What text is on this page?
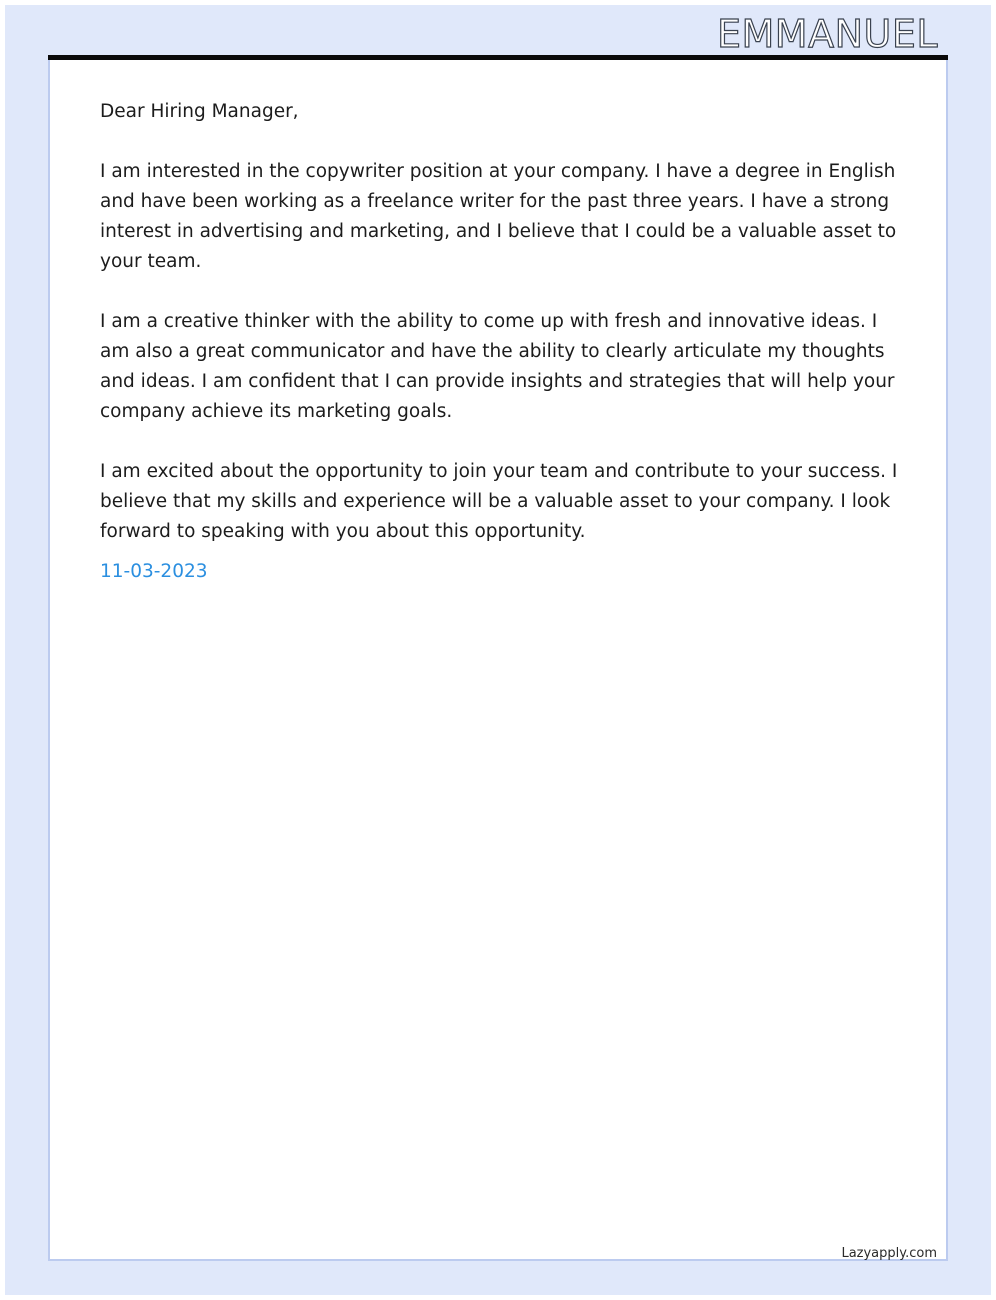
EMMANUEL

Dear Hiring Manager,

I am interested in the copywriter position at your company. I have a degree in English and have been working as a freelance writer for the past three years. I have a strong interest in advertising and marketing, and I believe that I could be a valuable asset to your team.

I am a creative thinker with the ability to come up with fresh and innovative ideas. I am also a great communicator and have the ability to clearly articulate my thoughts and ideas. I am confident that I can provide insights and strategies that will help your company achieve its marketing goals.

I am excited about the opportunity to join your team and contribute to your success. I believe that my skills and experience will be a valuable asset to your company. I look forward to speaking with you about this opportunity.

11-03-2023
Lazyapply.com
